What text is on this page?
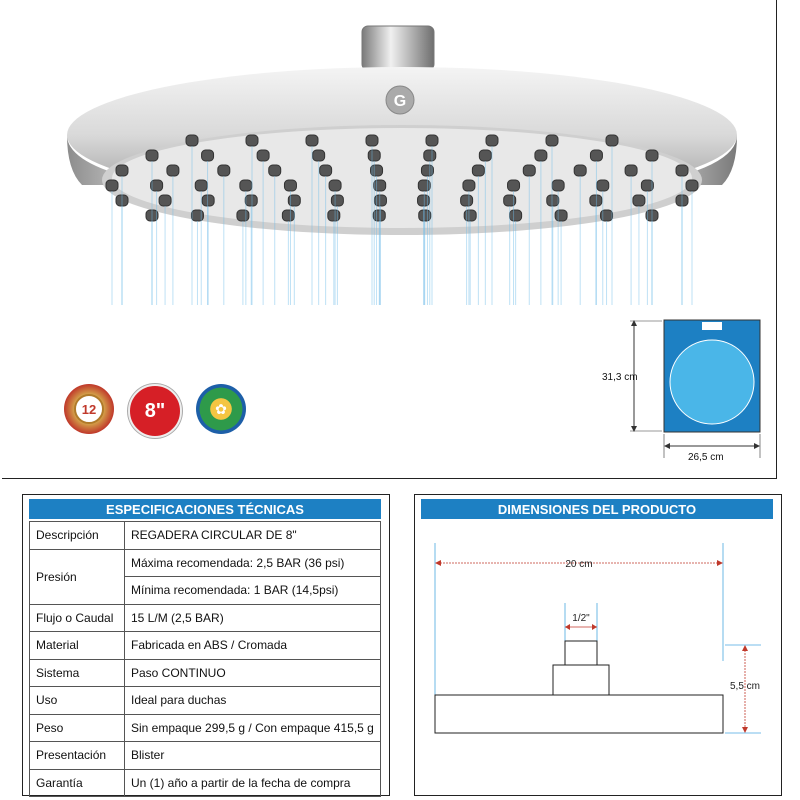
G
12 8"	✿
31,3 cm
26,5 cm
ESPECIFICACIONES TÉCNICAS
Descripción	REGADERA CIRCULAR DE 8"
Presión	Máxima recomendada: 2,5 BAR (36 psi)
	Mínima recomendada: 1 BAR (14,5psi)
Flujo o Caudal	15 L/M (2,5 BAR)
Material	Fabricada en ABS / Cromada
Sistema	Paso CONTINUO
Uso	Ideal para duchas
Peso	Sin empaque 299,5 g / Con empaque 415,5 g
Presentación	Blister
Garantía	Un (1) año a partir de la fecha de compra
DIMENSIONES DEL PRODUCTO
20 cm
1/2"
5,5 cm
